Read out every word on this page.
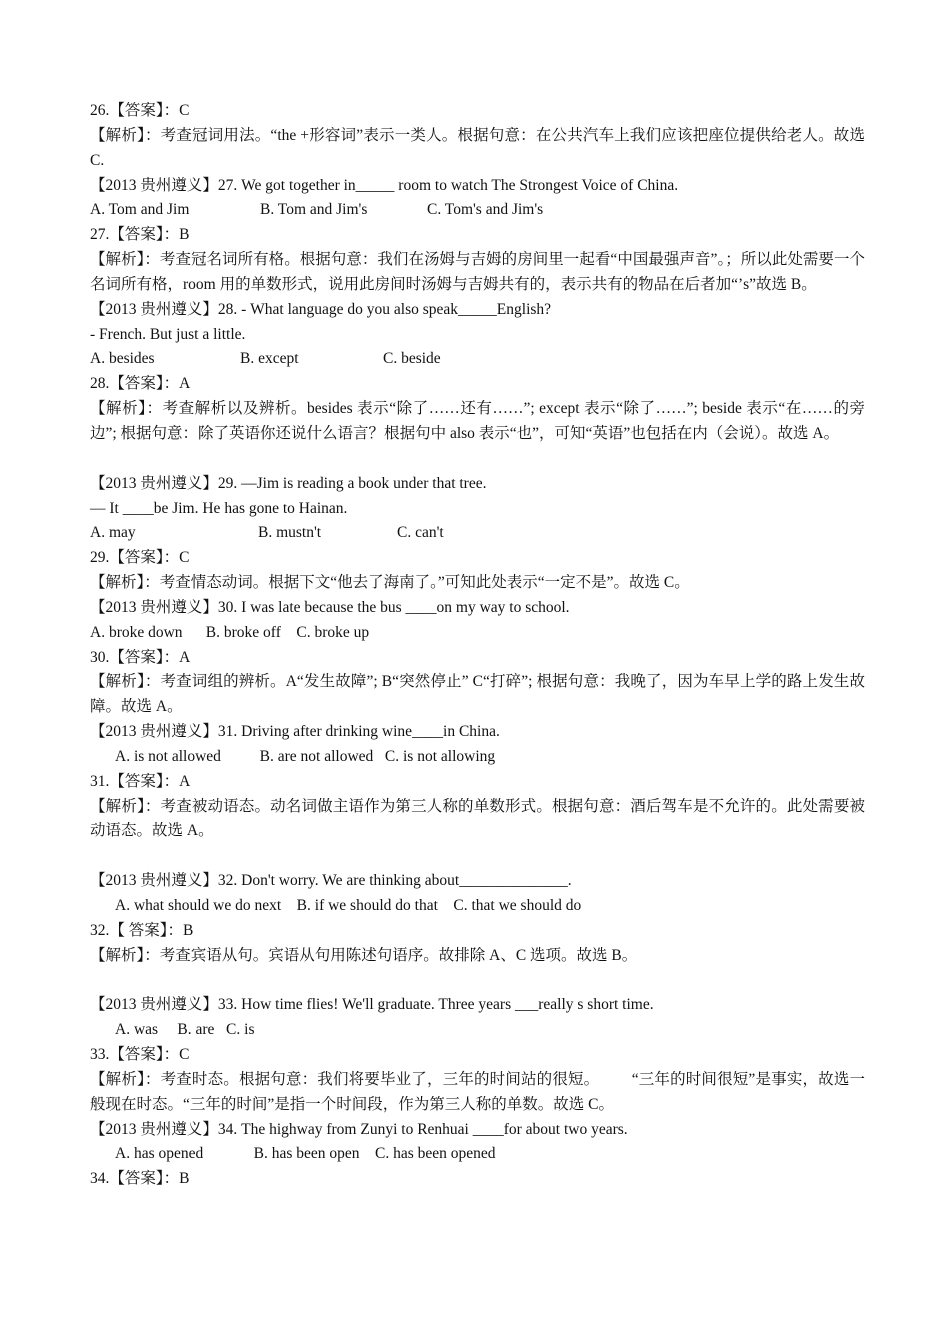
26.【答案】：C
【解析】：考查冠词用法。“the +形容词”表示一类人。根据句意：在公共汽车上我们应该把座位提供给老人。故选 C.
【2013 贵州遵义】27. We got together in_____ room to watch The Strongest Voice of China.
A. Tom and Jim	B. Tom and Jim's	C. Tom's and Jim's
27.【答案】：B
【解析】：考查冠名词所有格。根据句意：我们在汤姆与吉姆的房间里一起看“中国最强声音”。；所以此处需要一个名词所有格，room 用的单数形式，说用此房间时汤姆与吉姆共有的，表示共有的物品在后者加“’s”故选 B。
【2013 贵州遵义】28. - What language do you also speak_____English?
- French. But just a little.
A. besides	B. except	C. beside
28.【答案】：A
【解析】：考查解析以及辨析。besides 表示“除了……还有……”; except 表示“除了……”; beside 表示“在……的旁边”; 根据句意：除了英语你还说什么语言？根据句中 also 表示“也”，可知“英语”也包括在内（会说）。故选 A。
【2013 贵州遵义】29. —Jim is reading a book under that tree.
— It ____be Jim. He has gone to Hainan.
A. may	B. mustn't	C. can't
29.【答案】：C
【解析】：考查情态动词。根据下文“他去了海南了。”可知此处表示“一定不是”。故选 C。
【2013 贵州遵义】30. I was late because the bus ____on my way to school.
A. broke down      B. broke off    C. broke up
30.【答案】：A
【解析】：考查词组的辨析。A“发生故障”; B“突然停止” C“打碎”; 根据句意：我晚了，因为车早上学的路上发生故障。故选 A。
【2013 贵州遵义】31. Driving after drinking wine____in China.
A. is not allowed          B. are not allowed   C. is not allowing
31.【答案】：A
【解析】：考查被动语态。动名词做主语作为第三人称的单数形式。根据句意：酒后驾车是不允许的。此处需要被动语态。故选 A。
【2013 贵州遵义】32. Don't worry. We are thinking about______________.
A. what should we do next    B. if we should do that    C. that we should do
32.【 答案】：B
【解析】：考查宾语从句。宾语从句用陈述句语序。故排除 A、C 选项。故选 B。
【2013 贵州遵义】33. How time flies! We'll graduate. Three years ___really s short time.
A. was     B. are   C. is
33.【答案】：C
【解析】：考查时态。根据句意：我们将要毕业了，三年的时间站的很短。        “三年的时间很短”是事实，故选一般现在时态。“三年的时间”是指一个时间段，作为第三人称的单数。故选 C。
【2013 贵州遵义】34. The highway from Zunyi to Renhuai ____for about two years.
A. has opened             B. has been open    C. has been opened
34.【答案】：B
